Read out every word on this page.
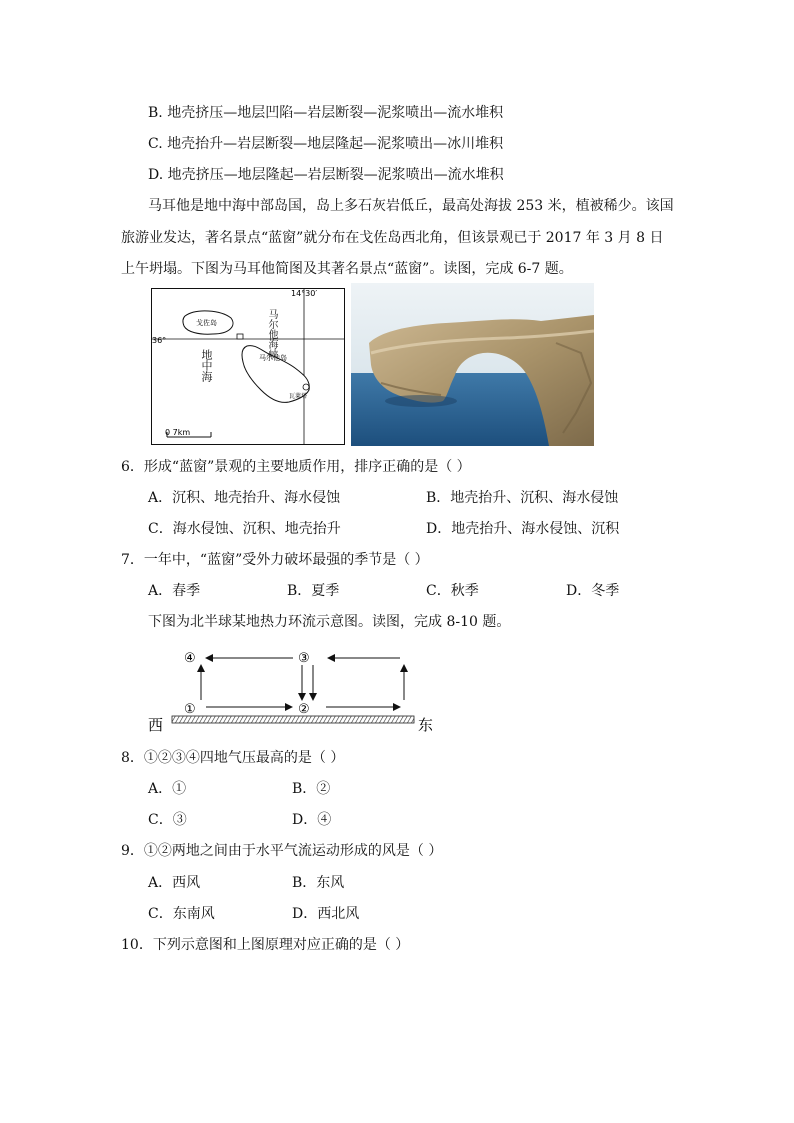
B. 地壳挤压—地层凹陷—岩层断裂—泥浆喷出—流水堆积
C. 地壳抬升—岩层断裂—地层隆起—泥浆喷出—冰川堆积
D. 地壳挤压—地层隆起—岩层断裂—泥浆喷出—流水堆积
马耳他是地中海中部岛国，岛上多石灰岩低丘，最高处海拔 253 米，植被稀少。该国
旅游业发达，著名景点“蓝窗”就分布在戈佐岛西北角，但该景观已于 2017 年 3 月 8 日
上午坍塌。下图为马耳他简图及其著名景点“蓝窗”。读图，完成 6-7 题。
14°30′
36°
戈佐岛
马尔他岛
瓦莱塔
0 7km
马尔他海峡
地中海
6．形成“蓝窗”景观的主要地质作用，排序正确的是（ ）
A．沉积、地壳抬升、海水侵蚀	B．地壳抬升、沉积、海水侵蚀
C．海水侵蚀、沉积、地壳抬升	D．地壳抬升、海水侵蚀、沉积
7．一年中，“蓝窗”受外力破坏最强的季节是（ ）
A．春季	B．夏季	C．秋季	D．冬季
下图为北半球某地热力环流示意图。读图，完成 8-10 题。
④	③
①	②
西	东
8．①②③④四地气压最高的是（ ）
A．①	B．②
C．③	D．④
9．①②两地之间由于水平气流运动形成的风是（ ）
A．西风	B．东风
C．东南风	D．西北风
10．下列示意图和上图原理对应正确的是（ ）
